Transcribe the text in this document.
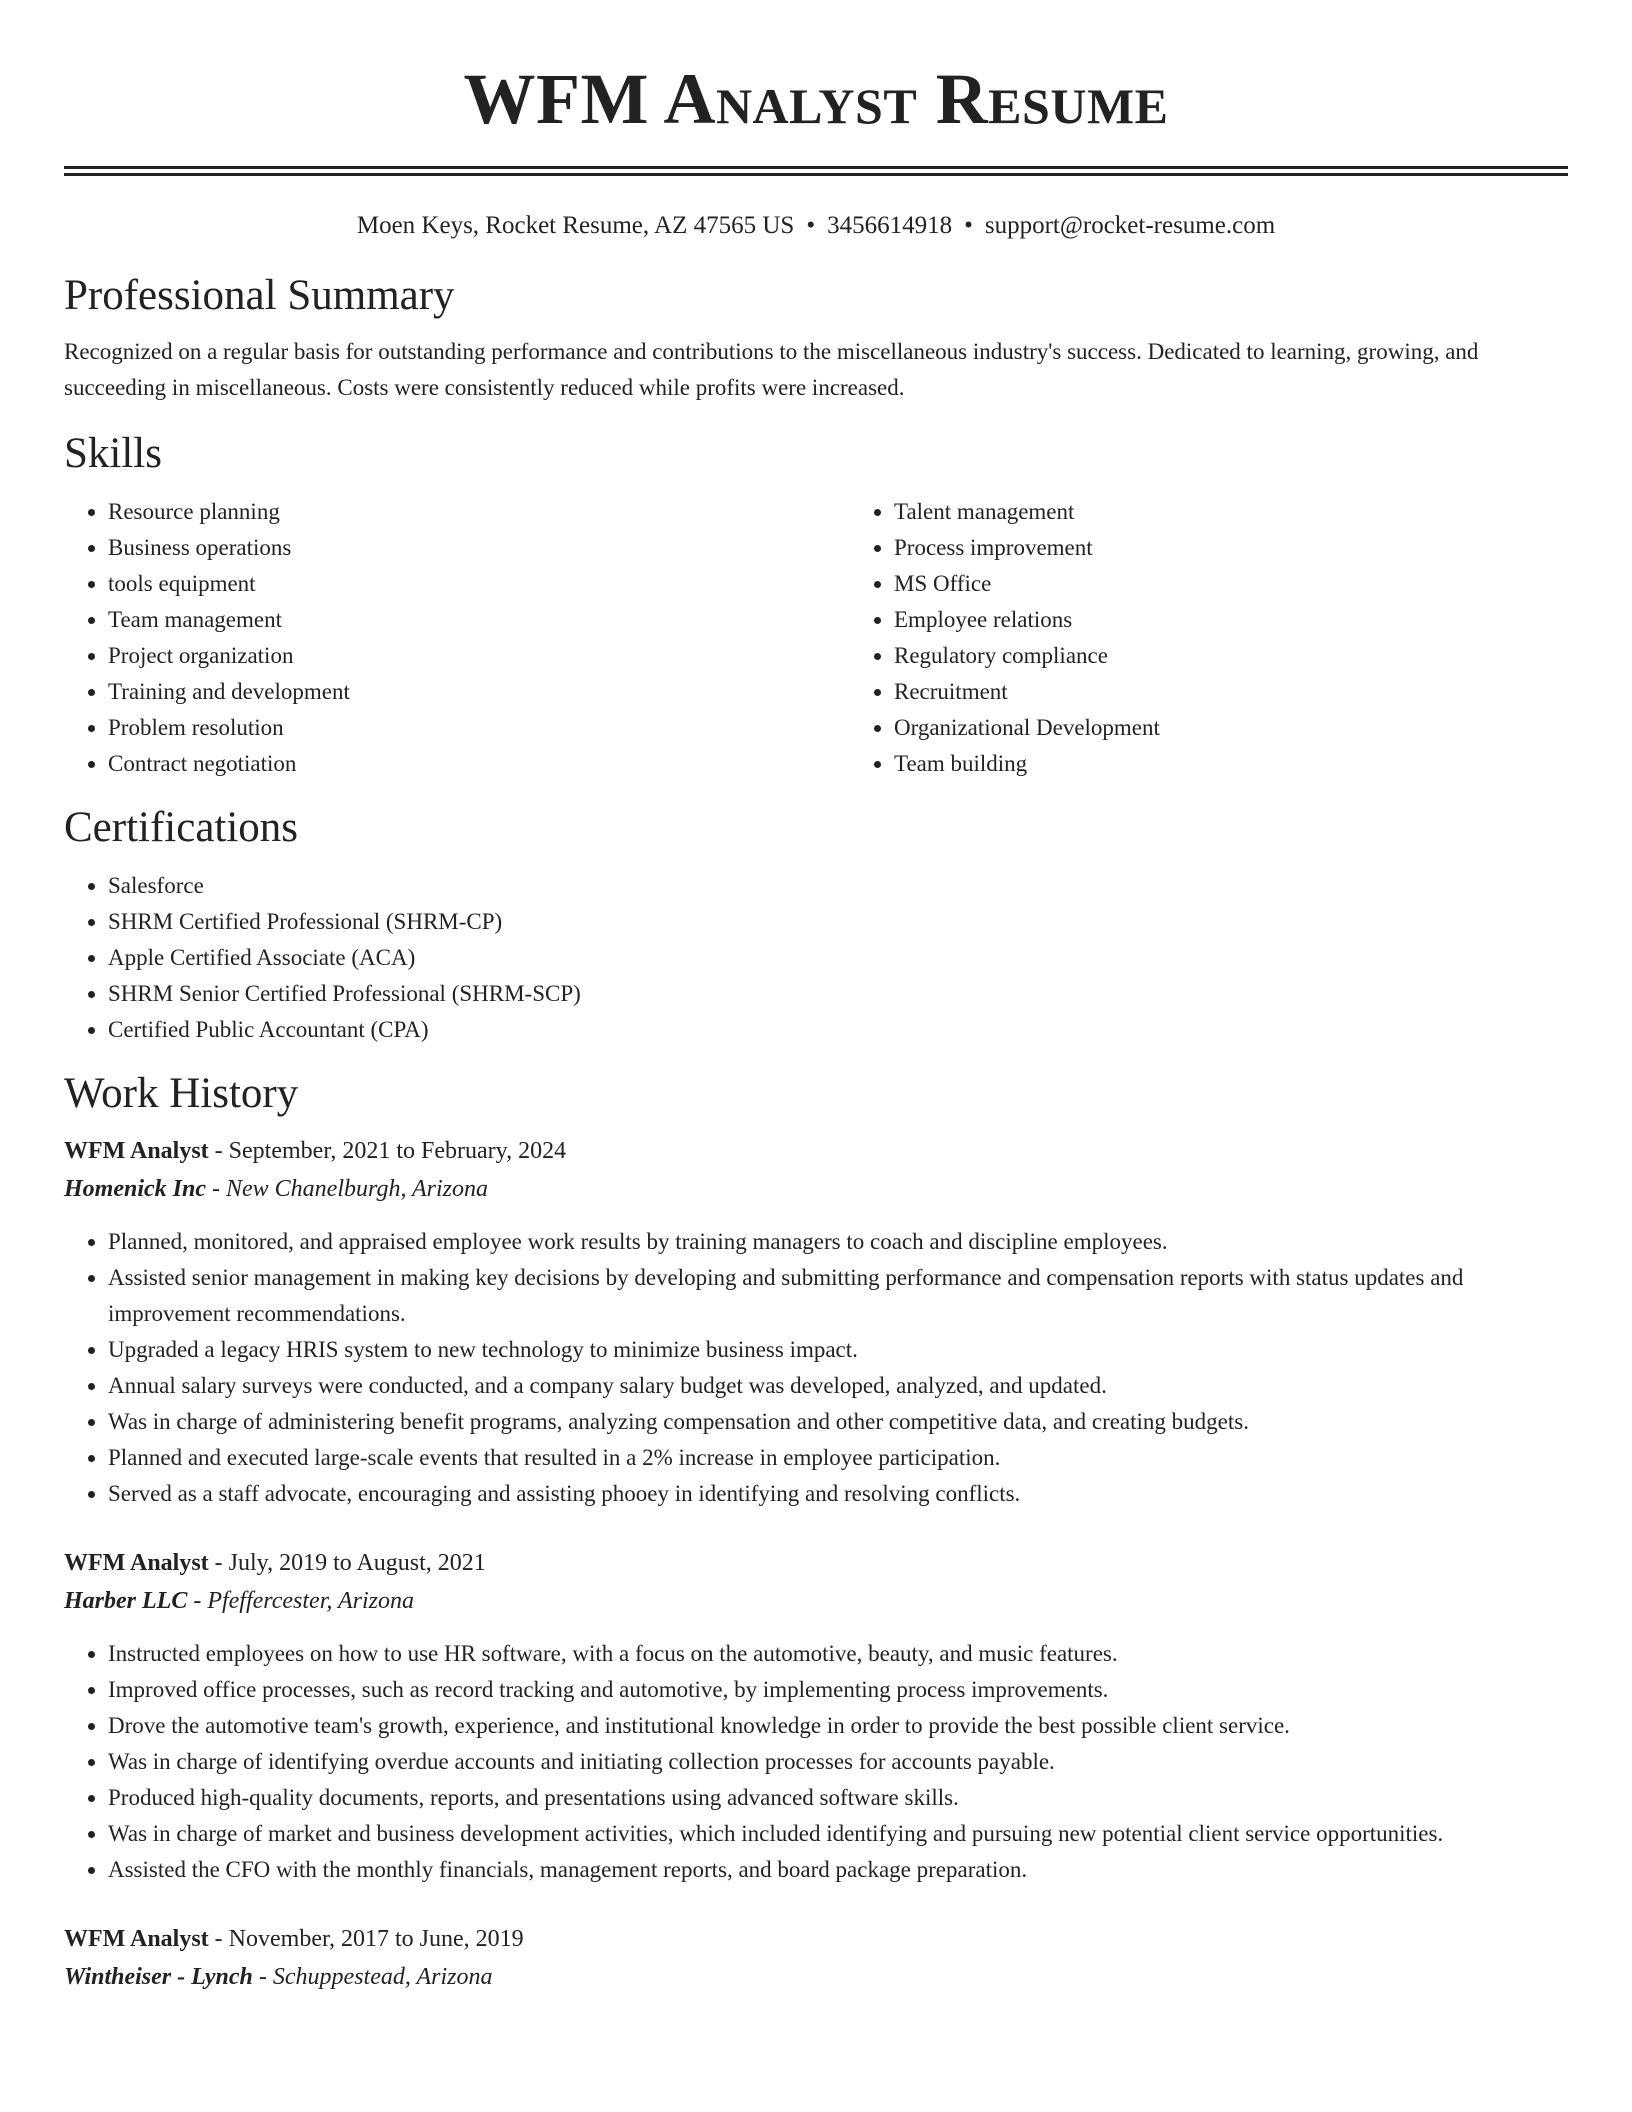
WFM Analyst Resume
Moen Keys, Rocket Resume, AZ 47565 US • 3456614918 • support@rocket-resume.com
Professional Summary

Recognized on a regular basis for outstanding performance and contributions to the miscellaneous industry's success. Dedicated to learning, growing, and succeeding in miscellaneous. Costs were consistently reduced while profits were increased.

Skills
• Resource planning
• Business operations
• tools equipment
• Team management
• Project organization
• Training and development
• Problem resolution
• Contract negotiation
• Talent management
• Process improvement
• MS Office
• Employee relations
• Regulatory compliance
• Recruitment
• Organizational Development
• Team building
Certifications
• Salesforce
• SHRM Certified Professional (SHRM-CP)
• Apple Certified Associate (ACA)
• SHRM Senior Certified Professional (SHRM-SCP)
• Certified Public Accountant (CPA)
Work History
WFM Analyst - September, 2021 to February, 2024
Homenick Inc - New Chanelburgh, Arizona
• Planned, monitored, and appraised employee work results by training managers to coach and discipline employees.
• Assisted senior management in making key decisions by developing and submitting performance and compensation reports with status updates and improvement recommendations.
• Upgraded a legacy HRIS system to new technology to minimize business impact.
• Annual salary surveys were conducted, and a company salary budget was developed, analyzed, and updated.
• Was in charge of administering benefit programs, analyzing compensation and other competitive data, and creating budgets.
• Planned and executed large-scale events that resulted in a 2% increase in employee participation.
• Served as a staff advocate, encouraging and assisting phooey in identifying and resolving conflicts.
WFM Analyst - July, 2019 to August, 2021
Harber LLC - Pfeffercester, Arizona
• Instructed employees on how to use HR software, with a focus on the automotive, beauty, and music features.
• Improved office processes, such as record tracking and automotive, by implementing process improvements.
• Drove the automotive team's growth, experience, and institutional knowledge in order to provide the best possible client service.
• Was in charge of identifying overdue accounts and initiating collection processes for accounts payable.
• Produced high-quality documents, reports, and presentations using advanced software skills.
• Was in charge of market and business development activities, which included identifying and pursuing new potential client service opportunities.
• Assisted the CFO with the monthly financials, management reports, and board package preparation.
WFM Analyst - November, 2017 to June, 2019
Wintheiser - Lynch - Schuppestead, Arizona
